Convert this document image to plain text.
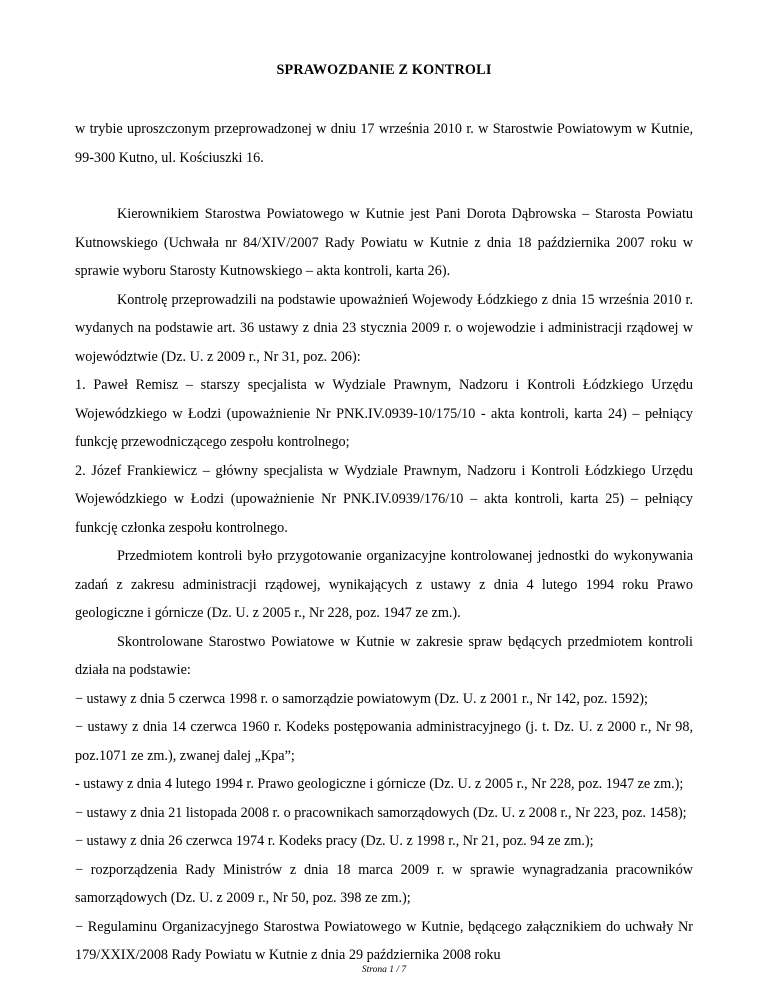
SPRAWOZDANIE Z KONTROLI

w trybie uproszczonym przeprowadzonej w dniu 17 września 2010 r. w Starostwie Powiatowym w Kutnie, 99-300 Kutno, ul. Kościuszki 16.

Kierownikiem Starostwa Powiatowego w Kutnie jest Pani Dorota Dąbrowska – Starosta Powiatu Kutnowskiego (Uchwała nr 84/XIV/2007 Rady Powiatu w Kutnie z dnia 18 października 2007 roku w sprawie wyboru Starosty Kutnowskiego – akta kontroli, karta 26).

Kontrolę przeprowadzili na podstawie upoważnień Wojewody Łódzkiego z dnia 15 września 2010 r. wydanych na podstawie art. 36 ustawy z dnia 23 stycznia 2009 r. o wojewodzie i administracji rządowej w województwie (Dz. U. z 2009 r., Nr 31, poz. 206):

1. Paweł Remisz – starszy specjalista w Wydziale Prawnym, Nadzoru i Kontroli Łódzkiego Urzędu Wojewódzkiego w Łodzi (upoważnienie Nr PNK.IV.0939-10/175/10 - akta kontroli, karta 24) – pełniący funkcję przewodniczącego zespołu kontrolnego;

2. Józef Frankiewicz – główny specjalista w Wydziale Prawnym, Nadzoru i Kontroli Łódzkiego Urzędu Wojewódzkiego w Łodzi (upoważnienie Nr PNK.IV.0939/176/10 – akta kontroli, karta 25) – pełniący funkcję członka zespołu kontrolnego.

Przedmiotem kontroli było przygotowanie organizacyjne kontrolowanej jednostki do wykonywania zadań z zakresu administracji rządowej, wynikających z ustawy z dnia 4 lutego 1994 roku Prawo geologiczne i górnicze (Dz. U. z 2005 r., Nr 228, poz. 1947 ze zm.).

Skontrolowane Starostwo Powiatowe w Kutnie w zakresie spraw będących przedmiotem kontroli działa na podstawie:

− ustawy z dnia 5 czerwca 1998 r. o samorządzie powiatowym (Dz. U. z 2001 r., Nr 142, poz. 1592);

− ustawy z dnia 14 czerwca 1960 r. Kodeks postępowania administracyjnego (j. t. Dz. U. z 2000 r., Nr 98, poz.1071 ze zm.), zwanej dalej „Kpa”;

- ustawy z dnia 4 lutego 1994 r. Prawo geologiczne i górnicze (Dz. U. z 2005 r., Nr 228, poz. 1947 ze zm.);

− ustawy z dnia 21 listopada 2008 r. o pracownikach samorządowych (Dz. U. z 2008 r., Nr 223, poz. 1458);

− ustawy z dnia 26 czerwca 1974 r. Kodeks pracy (Dz. U. z 1998 r., Nr 21, poz. 94 ze zm.);

− rozporządzenia Rady Ministrów z dnia 18 marca 2009 r. w sprawie wynagradzania pracowników samorządowych (Dz. U. z 2009 r., Nr 50, poz. 398 ze zm.);

− Regulaminu Organizacyjnego Starostwa Powiatowego w Kutnie, będącego załącznikiem do uchwały Nr 179/XXIX/2008 Rady Powiatu w Kutnie z dnia 29 października 2008 roku

Strona 1 / 7
